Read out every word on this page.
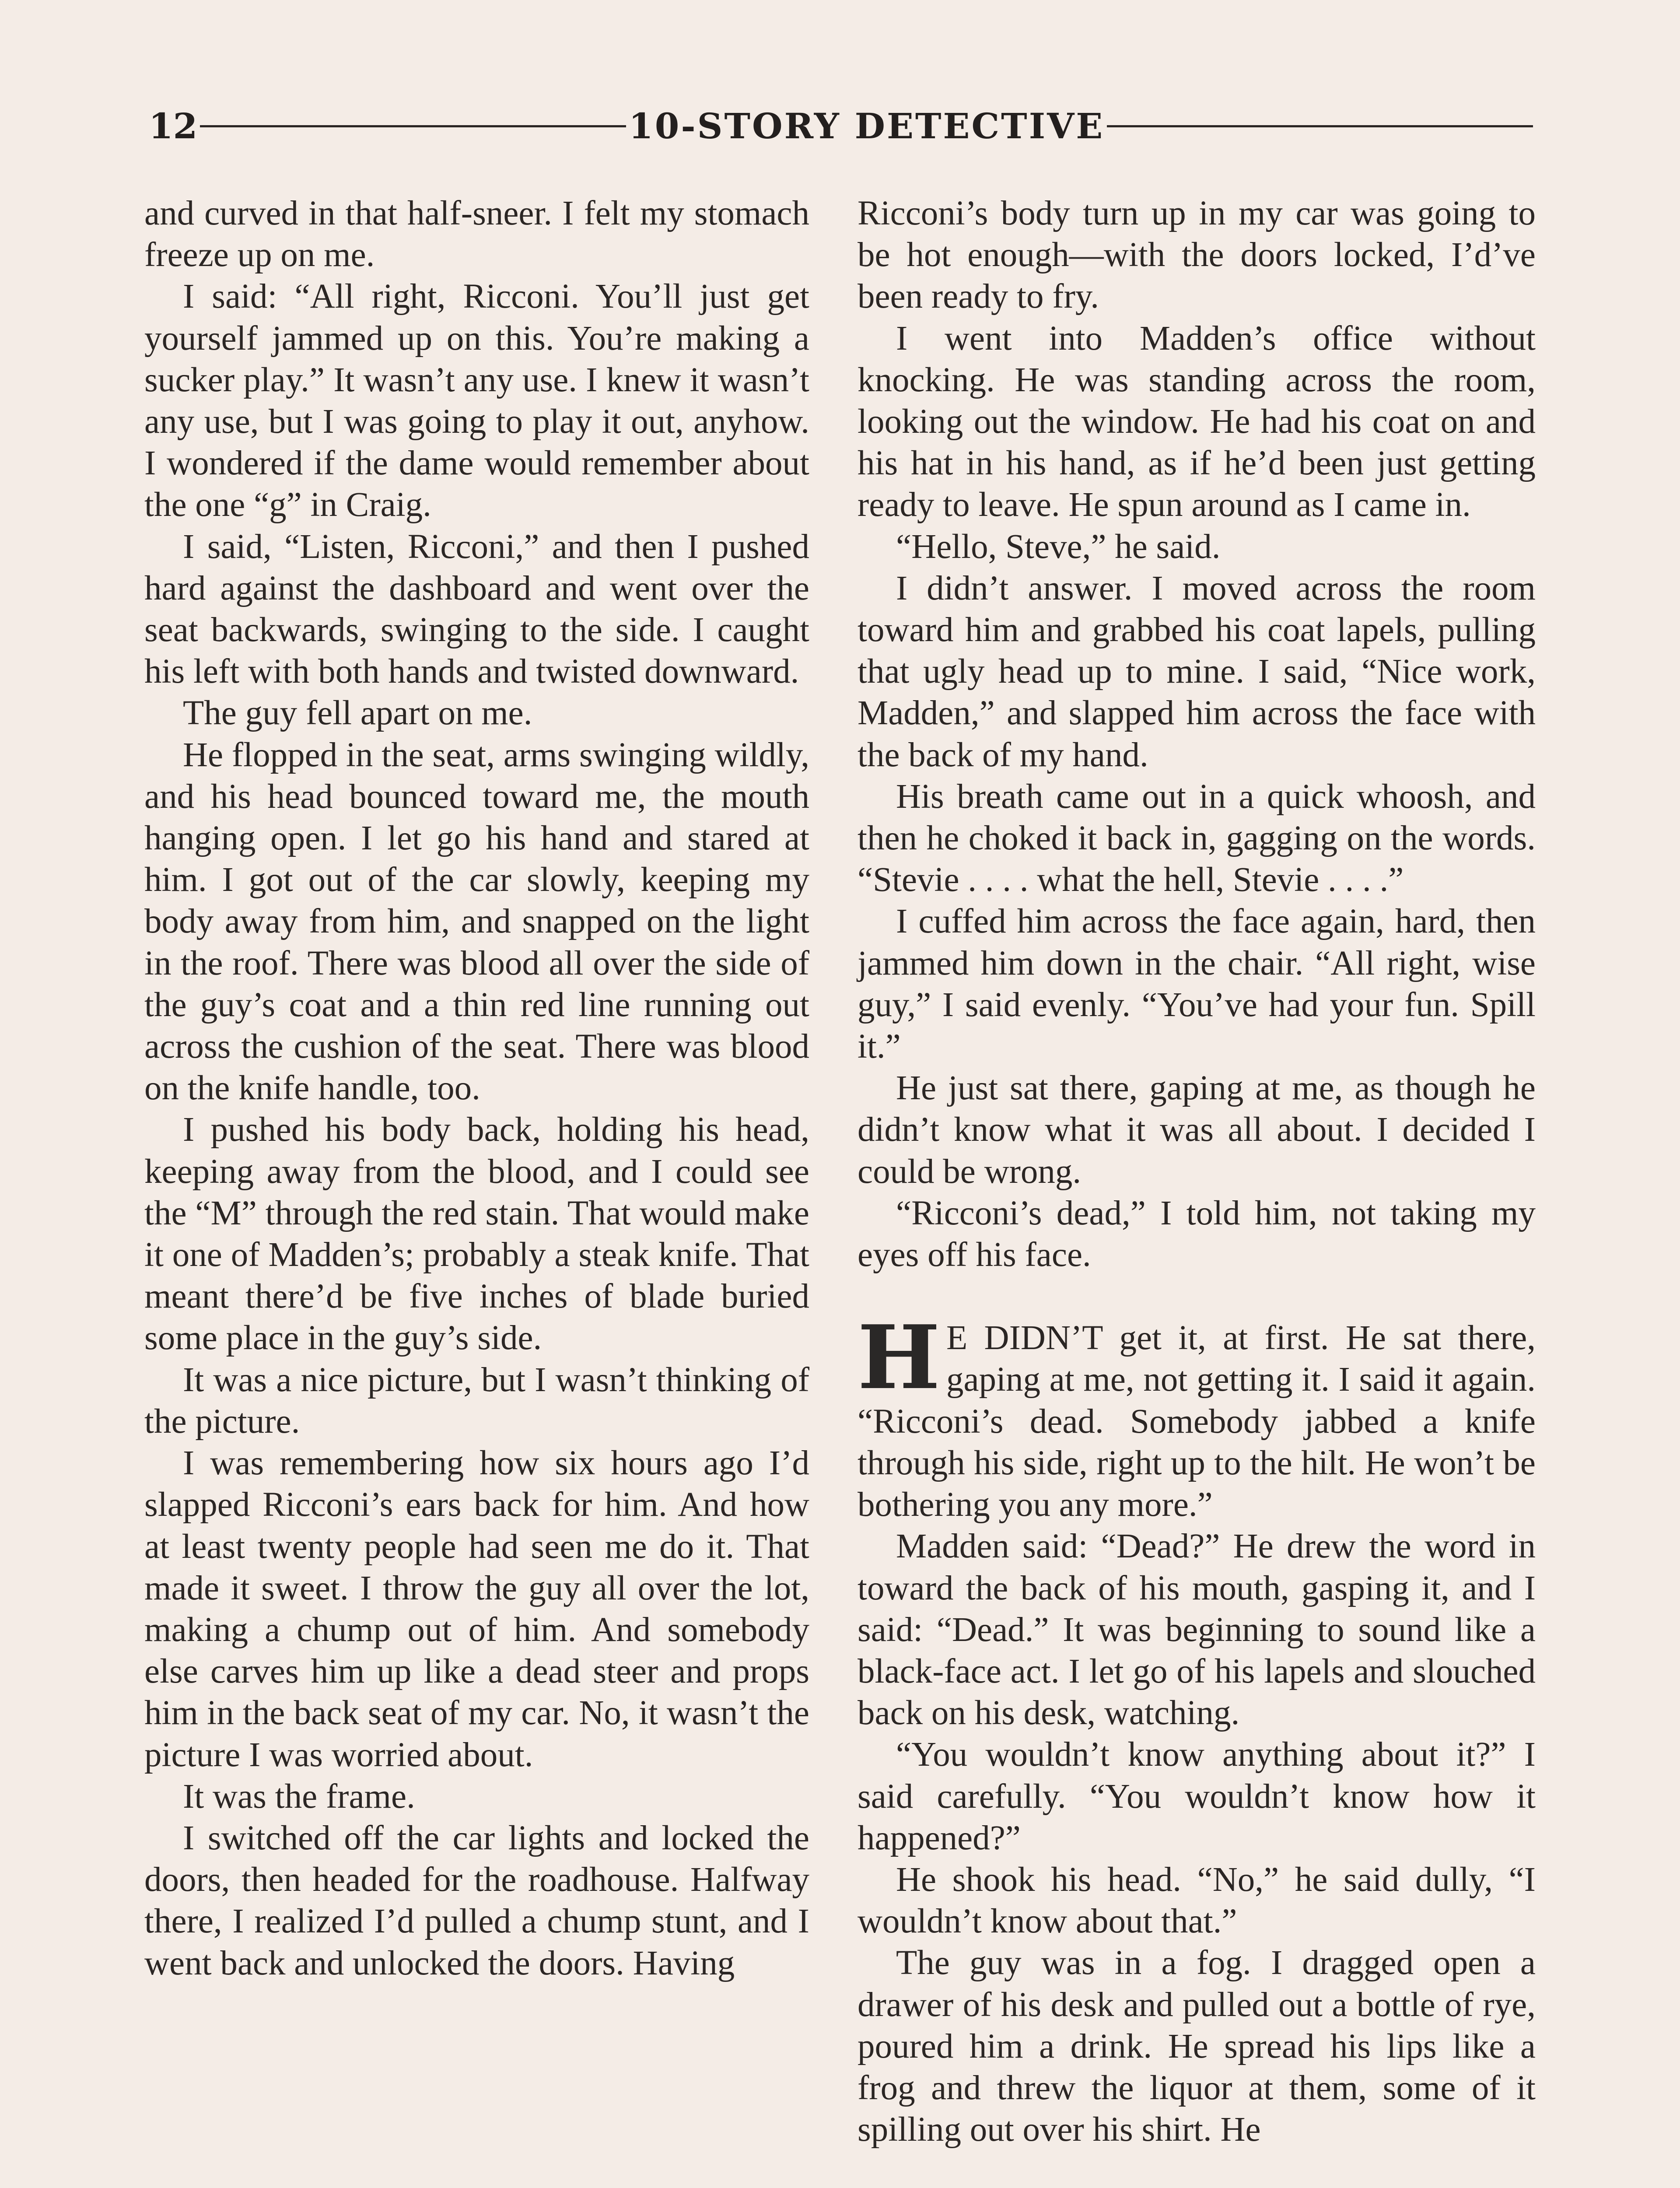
12	10-STORY DETECTIVE

and curved in that half-sneer. I felt my stomach freeze up on me.

I said: “All right, Ricconi. You’ll just get yourself jammed up on this. You’re making a sucker play.” It wasn’t any use. I knew it wasn’t any use, but I was going to play it out, anyhow. I wondered if the dame would remember about the one “g” in Craig.

I said, “Listen, Ricconi,” and then I pushed hard against the dashboard and went over the seat backwards, swinging to the side. I caught his left with both hands and twisted downward.

The guy fell apart on me.

He flopped in the seat, arms swinging wildly, and his head bounced toward me, the mouth hanging open. I let go his hand and stared at him. I got out of the car slowly, keeping my body away from him, and snapped on the light in the roof. There was blood all over the side of the guy’s coat and a thin red line running out across the cushion of the seat. There was blood on the knife handle, too.

I pushed his body back, holding his head, keeping away from the blood, and I could see the “M” through the red stain. That would make it one of Madden’s; probably a steak knife. That meant there’d be five inches of blade buried some place in the guy’s side.

It was a nice picture, but I wasn’t thinking of the picture.

I was remembering how six hours ago I’d slapped Ricconi’s ears back for him. And how at least twenty people had seen me do it. That made it sweet. I throw the guy all over the lot, making a chump out of him. And somebody else carves him up like a dead steer and props him in the back seat of my car. No, it wasn’t the picture I was worried about.

It was the frame.

I switched off the car lights and locked the doors, then headed for the roadhouse. Halfway there, I realized I’d pulled a chump stunt, and I went back and unlocked the doors. Having

Ricconi’s body turn up in my car was going to be hot enough—with the doors locked, I’d’ve been ready to fry.

I went into Madden’s office without knocking. He was standing across the room, looking out the window. He had his coat on and his hat in his hand, as if he’d been just getting ready to leave. He spun around as I came in.

“Hello, Steve,” he said.

I didn’t answer. I moved across the room toward him and grabbed his coat lapels, pulling that ugly head up to mine. I said, “Nice work, Madden,” and slapped him across the face with the back of my hand.

His breath came out in a quick whoosh, and then he choked it back in, gagging on the words. “Stevie . . . . what the hell, Stevie . . . .”

I cuffed him across the face again, hard, then jammed him down in the chair. “All right, wise guy,” I said evenly. “You’ve had your fun. Spill it.”

He just sat there, gaping at me, as though he didn’t know what it was all about. I decided I could be wrong.

“Ricconi’s dead,” I told him, not taking my eyes off his face.

H E DIDN’T get it, at first. He sat there, gaping at me, not getting it. I said it again. “Ricconi’s dead. Somebody jabbed a knife through his side, right up to the hilt. He won’t be bothering you any more.”

Madden said: “Dead?” He drew the word in toward the back of his mouth, gasping it, and I said: “Dead.” It was beginning to sound like a black-face act. I let go of his lapels and slouched back on his desk, watching.

“You wouldn’t know anything about it?” I said carefully. “You wouldn’t know how it happened?”

He shook his head. “No,” he said dully, “I wouldn’t know about that.”

The guy was in a fog. I dragged open a drawer of his desk and pulled out a bottle of rye, poured him a drink. He spread his lips like a frog and threw the liquor at them, some of it spilling out over his shirt. He
